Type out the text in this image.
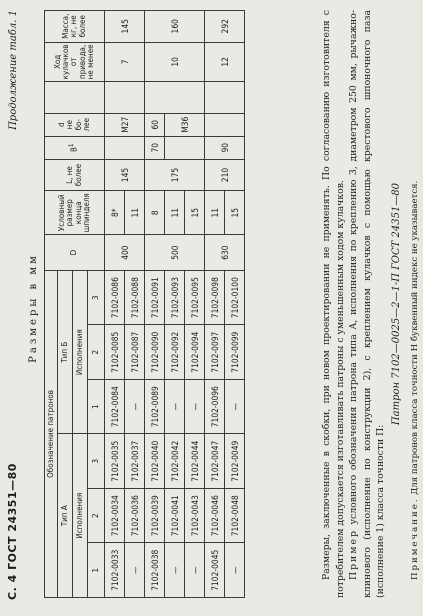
С. 4 ГОСТ 24351—80
Продолжение табл. 1
Размеры в мм
Обозначение патронов						D	Условный размер конца шпинделя	L, не более	$B^1$	d
не бо-лее		Ход кулачков от привода, не менее	Масса, кг, не более
Тип А			Тип Б										
Исполнения			Исполнения										
1	2	3	1	2	3								
7102-0033	7102-0034	7102-0035	7102-0084	7102-0085	7102-0086	400	8*	145		M27		7	145
—	7102-0036	7102-0037	—	7102-0087	7102-0088		11						
7102-0038	7102-0039	7102-0040	7102-0089	7102-0090	7102-0091	500	8	175	70	60		10	160
—	7102-0041	7102-0042	—	7102-0092	7102-0093		11			M36			
—	7102-0043	7102-0044	—	7102-0094	7102-0095		15						
7102-0045	7102-0046	7102-0047	7102-0096	7102-0097	7102-0098	630	11	210	90			12	292
—	7102-0048	7102-0049	—	7102-0099	7102-0100		15							Размеры, заключенные в скобки, при новом проектировании не применять. По согласованию изготовителя с потребителем допускается изготавливать патроны с уменьшенным ходом кулачков. Пример условного обозначения патрона типа А, исполнения по креплению 3, диаметром 250 мм, рычажно-клинового (исполнение по конструкции 2), с креплением кулачков с помощью крестового шпоночного паза (исполнение 1) класса точности П:

Патрон 7102—0025—2—1-П ГОСТ 24351—80

Примечание. Для патронов класса точности Н буквенный индекс не указывается.
